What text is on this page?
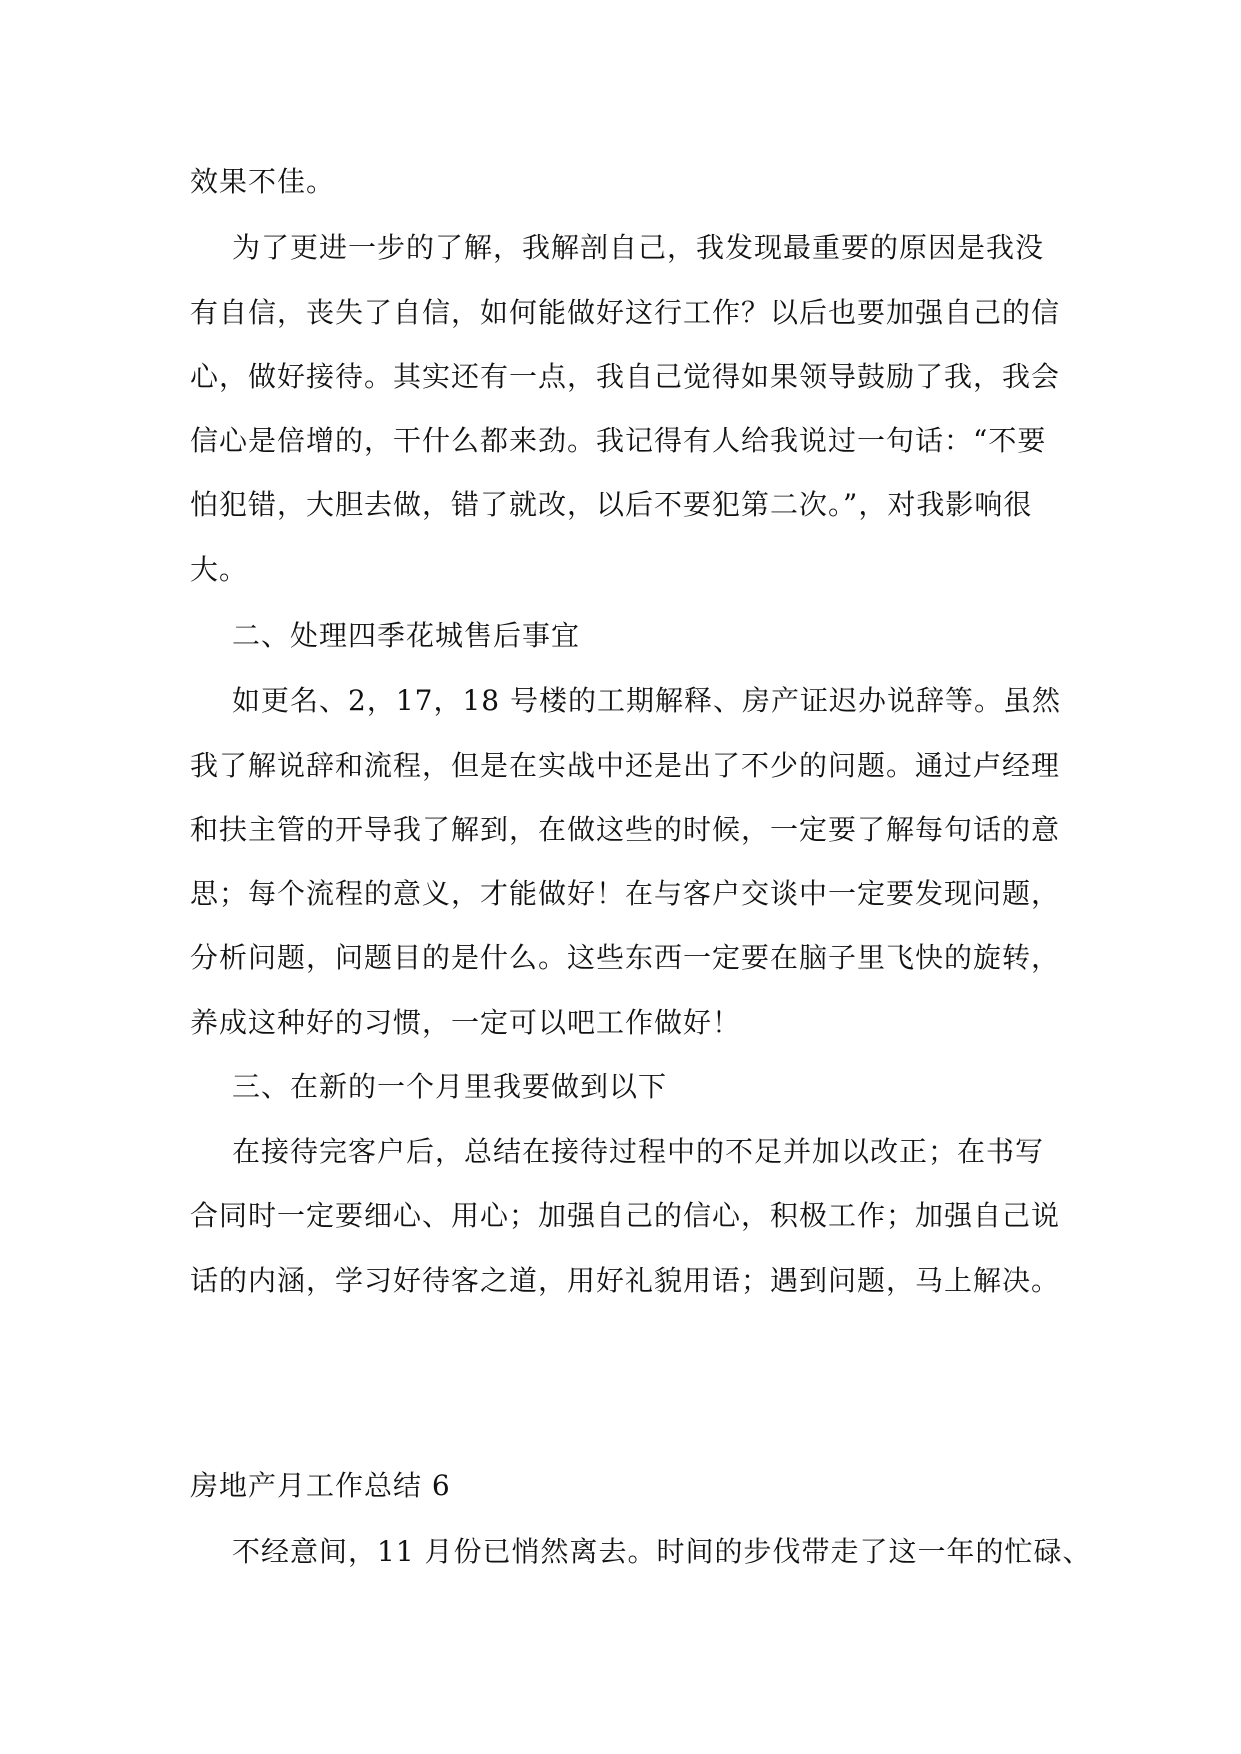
效果不佳。
为了更进一步的了解，我解剖自己，我发现最重要的原因是我没
有自信，丧失了自信，如何能做好这行工作？以后也要加强自己的信
心，做好接待。其实还有一点，我自己觉得如果领导鼓励了我，我会
信心是倍增的，干什么都来劲。我记得有人给我说过一句话：“不要
怕犯错，大胆去做，错了就改，以后不要犯第二次。”，对我影响很
大。
二、处理四季花城售后事宜
如更名、2，17，18 号楼的工期解释、房产证迟办说辞等。虽然
我了解说辞和流程，但是在实战中还是出了不少的问题。通过卢经理
和扶主管的开导我了解到，在做这些的时候，一定要了解每句话的意
思；每个流程的意义，才能做好！在与客户交谈中一定要发现问题，
分析问题，问题目的是什么。这些东西一定要在脑子里飞快的旋转，
养成这种好的习惯，一定可以吧工作做好！
三、在新的一个月里我要做到以下
在接待完客户后，总结在接待过程中的不足并加以改正；在书写
合同时一定要细心、用心；加强自己的信心，积极工作；加强自己说
话的内涵，学习好待客之道，用好礼貌用语；遇到问题，马上解决。
房地产月工作总结 6
不经意间，11 月份已悄然离去。时间的步伐带走了这一年的忙碌、
